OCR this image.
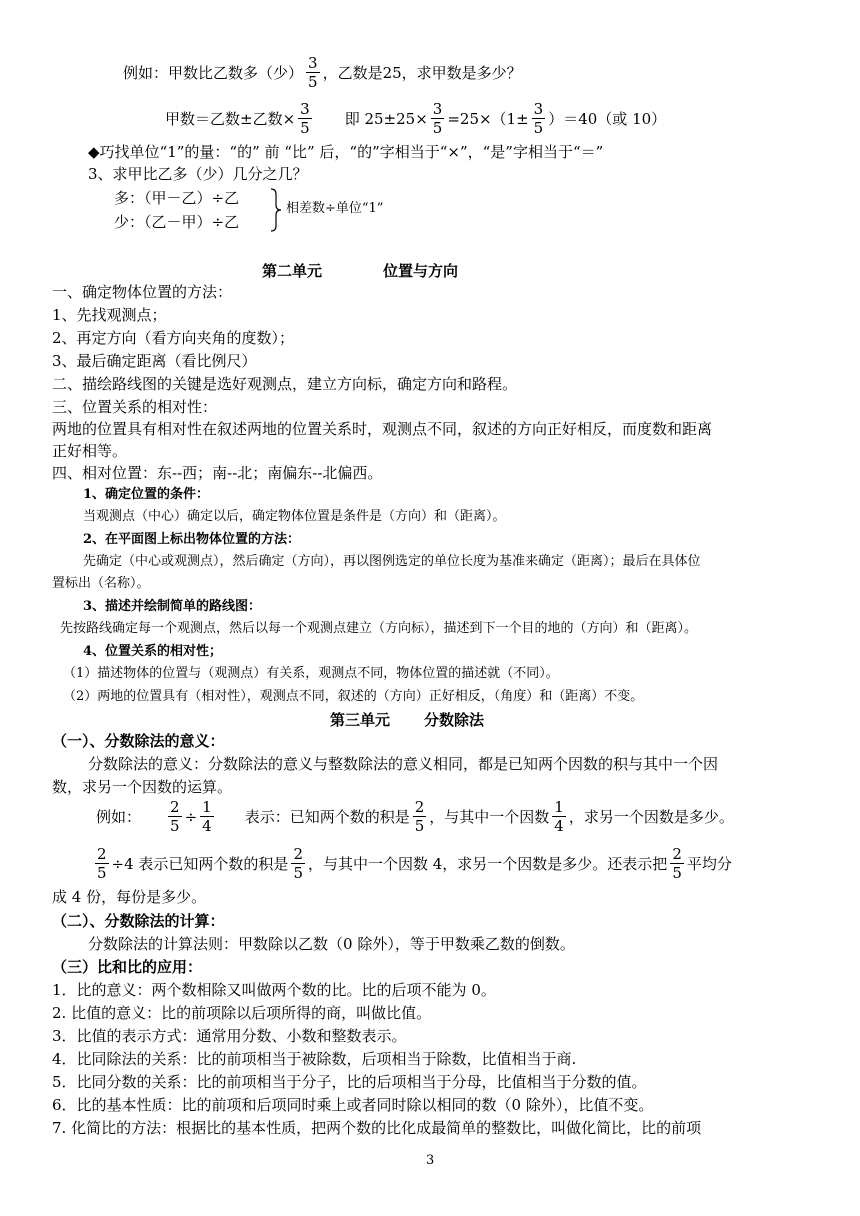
例如：甲数比乙数多（少） $\frac{3}{5}$ ，乙数是25，求甲数是多少？
甲数＝乙数±乙数× $\frac{3}{5}$ 即 $25\pm 25\times \frac{3}{5} =25\times(1\pm \frac{3}{5} )=40$（或 10）
◆巧找单位“1”的量：“的” 前 “比” 后，“的”字相当于“×”，“是”字相当于“＝”
3、求甲比乙多（少）几分之几？
多：（甲－乙）÷乙
少：（乙－甲）÷乙
相差数÷单位“1”
第二单元	位置与方向
一、确定物体位置的方法：
1、先找观测点；
2、再定方向（看方向夹角的度数）；
3、最后确定距离（看比例尺）
二、描绘路线图的关键是选好观测点，建立方向标，确定方向和路程。
三、位置关系的相对性：
两地的位置具有相对性在叙述两地的位置关系时，观测点不同，叙述的方向正好相反，而度数和距离
正好相等。
四、相对位置：东--西；南--北；南偏东--北偏西。
1、确定位置的条件：
当观测点（中心）确定以后，确定物体位置是条件是（方向）和（距离）。
2、在平面图上标出物体位置的方法：
先确定（中心或观测点），然后确定（方向），再以图例选定的单位长度为基准来确定（距离）；最后在具体位
置标出（名称）。
3、描述并绘制简单的路线图：
先按路线确定每一个观测点，然后以每一个观测点建立（方向标），描述到下一个目的地的（方向）和（距离）。
4、位置关系的相对性；
（1）描述物体的位置与（观测点）有关系，观测点不同，物体位置的描述就（不同）。
（2）两地的位置具有（相对性），观测点不同，叙述的（方向）正好相反，（角度）和（距离）不变。
第三单元 分数除法
（一）、分数除法的意义：
分数除法的意义：分数除法的意义与整数除法的意义相同，都是已知两个因数的积与其中一个因
数，求另一个因数的运算。
例如： $\frac{2}{5} \div \frac{1}{4}$ 表示：已知两个数的积是 $\frac{2}{5}$ ，与其中一个因数 $\frac{1}{4}$ ，求另一个因数是多少。
$\frac{2}{5} \div 4$ 表示已知两个数的积是 $\frac{2}{5}$ ，与其中一个因数 4，求另一个因数是多少。还表示把 $\frac{2}{5}$ 平均分
成 4 份，每份是多少。
（二）、分数除法的计算：
分数除法的计算法则：甲数除以乙数（0 除外），等于甲数乘乙数的倒数。
（三）比和比的应用：
1．比的意义：两个数相除又叫做两个数的比。比的后项不能为 0。
2. 比值的意义：比的前项除以后项所得的商，叫做比值。
3．比值的表示方式：通常用分数、小数和整数表示。
4．比同除法的关系：比的前项相当于被除数，后项相当于除数，比值相当于商.
5．比同分数的关系：比的前项相当于分子，比的后项相当于分母，比值相当于分数的值。
6．比的基本性质：比的前项和后项同时乘上或者同时除以相同的数（0 除外），比值不变。
7. 化简比的方法：根据比的基本性质，把两个数的比化成最简单的整数比，叫做化简比，比的前项
3
